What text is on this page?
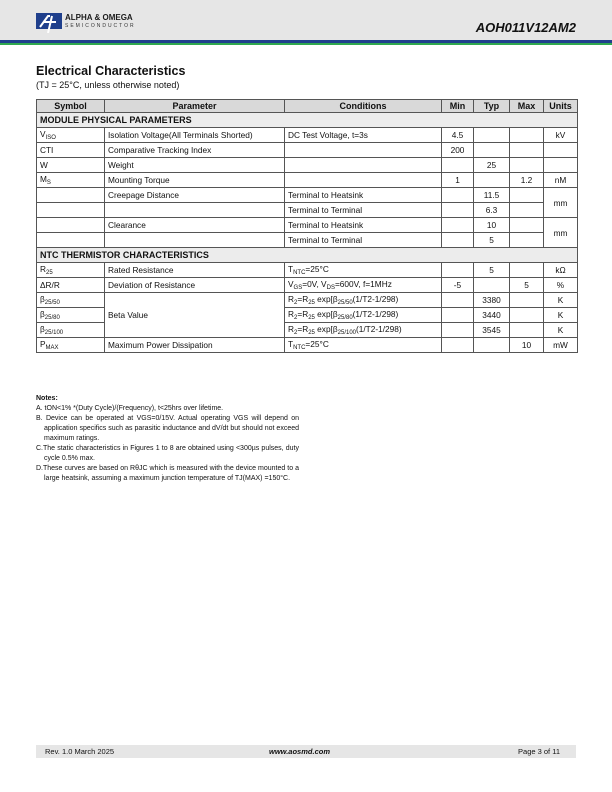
ALPHA & OMEGA
SEMICONDUCTOR	AOH011V12AM2
Electrical Characteristics
(TJ = 25°C, unless otherwise noted)
Symbol	Parameter	Conditions	Min	Typ	Max	Units
MODULE PHYSICAL PARAMETERS						
$V_{ISO}$	Isolation Voltage(All Terminals Shorted)	DC Test Voltage, t=3s	4.5			kV
CTI	Comparative Tracking Index		200			
W	Weight			25		
$M_S$	Mounting Torque		1		1.2	nM
	Creepage Distance	Terminal to Heatsink		11.5		mm
		Terminal to Terminal		6.3		
	Clearance	Terminal to Heatsink		10		mm
		Terminal to Terminal		5		
NTC THERMISTOR CHARACTERISTICS						
$R_{25}$	Rated Resistance	$T_{NTC}=25^\circ C$		5		kΩ
ΔR/R	Deviation of Resistance	$V_{GS}=0V$, $V_{DS}=600V$, f=1MHz	-5		5	%
$\beta_{25/50}$	Beta Value	$R_2=R_{25}$ $\exp[\beta_{25/50}(1/T2-1/298)$		3380		K
$\beta_{25/80}$		$R_2=R_{25}$ $\exp[\beta_{25/80}(1/T2-1/298)$		3440		K
$\beta_{25/100}$		$R_2=R_{25}$ $\exp[\beta_{25/100}(1/T2-1/298)$		3545		K
$P_{MAX}$	Maximum Power Dissipation	$T_{NTC}=25^\circ C$			10	mW
Notes:

A. tON<1% *(Duty Cycle)/(Frequency), t<25hrs over lifetime.

B. Device can be operated at VGS=0/15V. Actual operating VGS will depend on application specifics such as parasitic inductance and dV/dt but should not exceed maximum ratings.

C.The static characteristics in Figures 1 to 8 are obtained using <300µs pulses, duty cycle 0.5% max.

D.These curves are based on RθJC which is measured with the device mounted to a large heatsink, assuming a maximum junction temperature of TJ(MAX) =150°C.

Rev. 1.0 March 2025	www.aosmd.com	Page 3 of 11
